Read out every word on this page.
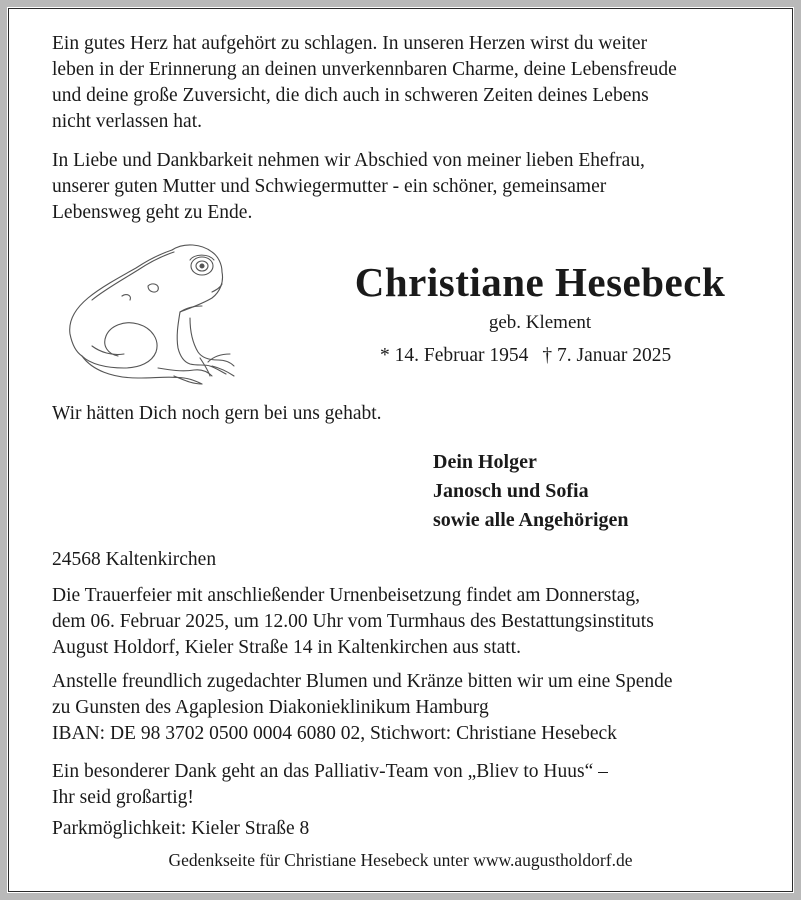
Ein gutes Herz hat aufgehört zu schlagen. In unseren Herzen wirst du weiter
leben in der Erinnerung an deinen unverkennbaren Charme, deine Lebensfreude
und deine große Zuversicht, die dich auch in schweren Zeiten deines Lebens
nicht verlassen hat.
In Liebe und Dankbarkeit nehmen wir Abschied von meiner lieben Ehefrau,
unserer guten Mutter und Schwiegermutter - ein schöner, gemeinsamer
Lebensweg geht zu Ende.
Christiane Hesebeck
geb. Klement
* 14. Februar 1954 † 7. Januar 2025
Wir hätten Dich noch gern bei uns gehabt.
Dein Holger
Janosch und Sofia
sowie alle Angehörigen
24568 Kaltenkirchen
Die Trauerfeier mit anschließender Urnenbeisetzung findet am Donnerstag,
dem 06. Februar 2025, um 12.00 Uhr vom Turmhaus des Bestattungsinstituts
August Holdorf, Kieler Straße 14 in Kaltenkirchen aus statt.
Anstelle freundlich zugedachter Blumen und Kränze bitten wir um eine Spende
zu Gunsten des Agaplesion Diakonieklinikum Hamburg
IBAN: DE 98 3702 0500 0004 6080 02, Stichwort: Christiane Hesebeck
Ein besonderer Dank geht an das Palliativ-Team von „Bliev to Huus“ –
Ihr seid großartig!
Parkmöglichkeit: Kieler Straße 8
Gedenkseite für Christiane Hesebeck unter www.augustholdorf.de
